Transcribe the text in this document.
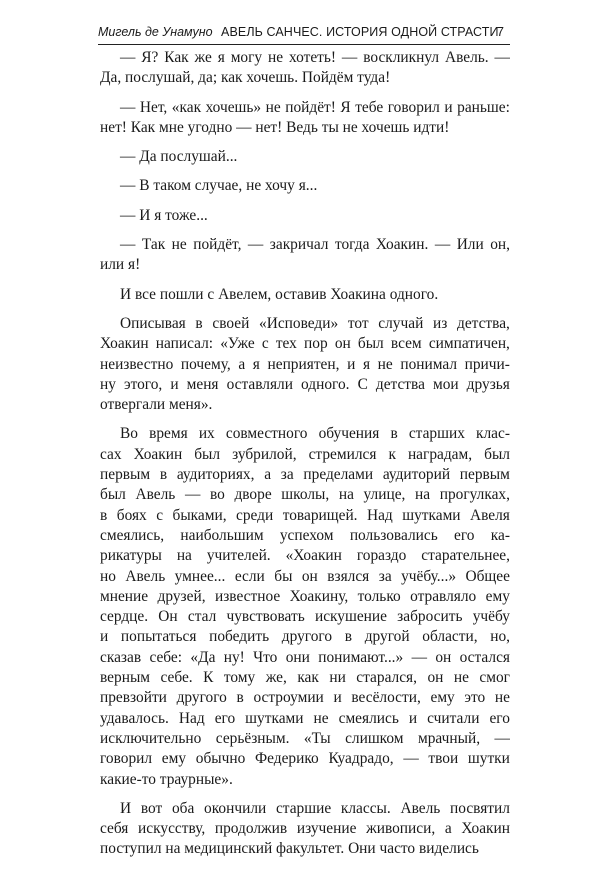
Мигель де Унамуно АВЕЛЬ САНЧЕС. ИСТОРИЯ ОДНОЙ СТРАСТИ
7
— Я? Как же я могу не хотеть! — воскликнул Авель. —
Да, послушай, да; как хочешь. Пойдём туда!
— Нет, «как хочешь» не пойдёт! Я тебе говорил и раньше:
нет! Как мне угодно — нет! Ведь ты не хочешь идти!
— Да послушай...
— В таком случае, не хочу я...
— И я тоже...
— Так не пойдёт, — закричал тогда Хоакин. — Или он,
или я!
И все пошли с Авелем, оставив Хоакина одного.
Описывая в своей «Исповеди» тот случай из детства,
Хоакин написал: «Уже с тех пор он был всем симпатичен,
неизвестно почему, а я неприятен, и я не понимал причи-
ну этого, и меня оставляли одного. С детства мои друзья
отвергали меня».
Во время их совместного обучения в старших клас-
сах Хоакин был зубрилой, стремился к наградам, был
первым в аудиториях, а за пределами аудиторий первым
был Авель — во дворе школы, на улице, на прогулках,
в боях с быками, среди товарищей. Над шутками Авеля
смеялись, наибольшим успехом пользовались его ка-
рикатуры на учителей. «Хоакин гораздо старательнее,
но Авель умнее... если бы он взялся за учёбу...» Общее
мнение друзей, известное Хоакину, только отравляло ему
сердце. Он стал чувствовать искушение забросить учёбу
и попытаться победить другого в другой области, но,
сказав себе: «Да ну! Что они понимают...» — он остался
верным себе. К тому же, как ни старался, он не смог
превзойти другого в остроумии и весёлости, ему это не
удавалось. Над его шутками не смеялись и считали его
исключительно серьёзным. «Ты слишком мрачный, —
говорил ему обычно Федерико Куадрадо, — твои шутки
какие-то траурные».
И вот оба окончили старшие классы. Авель посвятил
себя искусству, продолжив изучение живописи, а Хоакин
поступил на медицинский факультет. Они часто виделись
